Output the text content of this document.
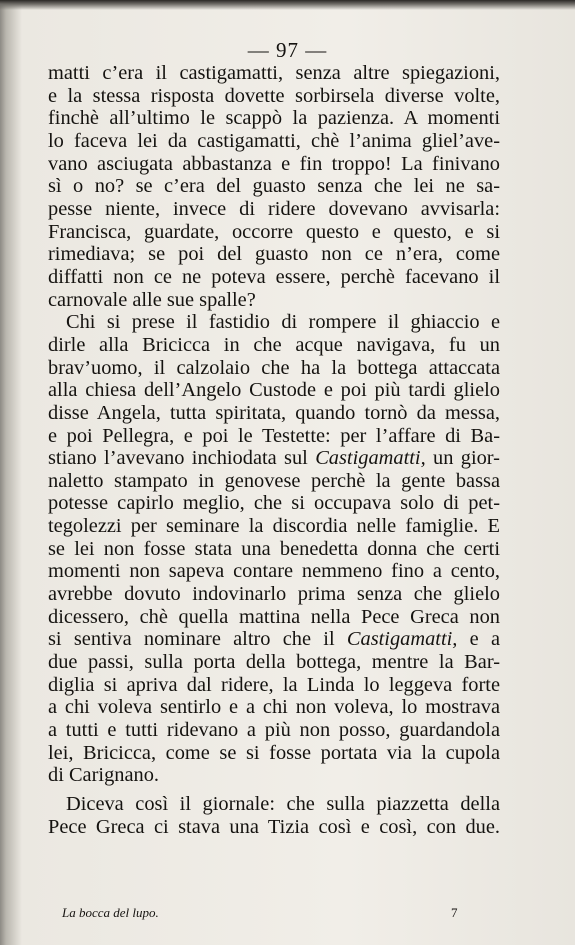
— 97 —
matti c’era il castigamatti, senza altre spiegazioni,
e la stessa risposta dovette sorbirsela diverse volte,
finchè all’ultimo le scappò la pazienza. A momenti
lo faceva lei da castigamatti, chè l’anima gliel’ave-
vano asciugata abbastanza e fin troppo! La finivano
sì o no? se c’era del guasto senza che lei ne sa-
pesse niente, invece di ridere dovevano avvisarla:
Francisca, guardate, occorre questo e questo, e si
rimediava; se poi del guasto non ce n’era, come
diffatti non ce ne poteva essere, perchè facevano il
carnovale alle sue spalle?
Chi si prese il fastidio di rompere il ghiaccio e
dirle alla Bricicca in che acque navigava, fu un
brav’uomo, il calzolaio che ha la bottega attaccata
alla chiesa dell’Angelo Custode e poi più tardi glielo
disse Angela, tutta spiritata, quando tornò da messa,
e poi Pellegra, e poi le Testette: per l’affare di Ba-
stiano l’avevano inchiodata sul Castigamatti, un gior-
naletto stampato in genovese perchè la gente bassa
potesse capirlo meglio, che si occupava solo di pet-
tegolezzi per seminare la discordia nelle famiglie. E
se lei non fosse stata una benedetta donna che certi
momenti non sapeva contare nemmeno fino a cento,
avrebbe dovuto indovinarlo prima senza che glielo
dicessero, chè quella mattina nella Pece Greca non
si sentiva nominare altro che il Castigamatti, e a
due passi, sulla porta della bottega, mentre la Bar-
diglia si apriva dal ridere, la Linda lo leggeva forte
a chi voleva sentirlo e a chi non voleva, lo mostrava
a tutti e tutti ridevano a più non posso, guardandola
lei, Bricicca, come se si fosse portata via la cupola
di Carignano.
Diceva così il giornale: che sulla piazzetta della
Pece Greca ci stava una Tizia così e così, con due.
La bocca del lupo.	7
